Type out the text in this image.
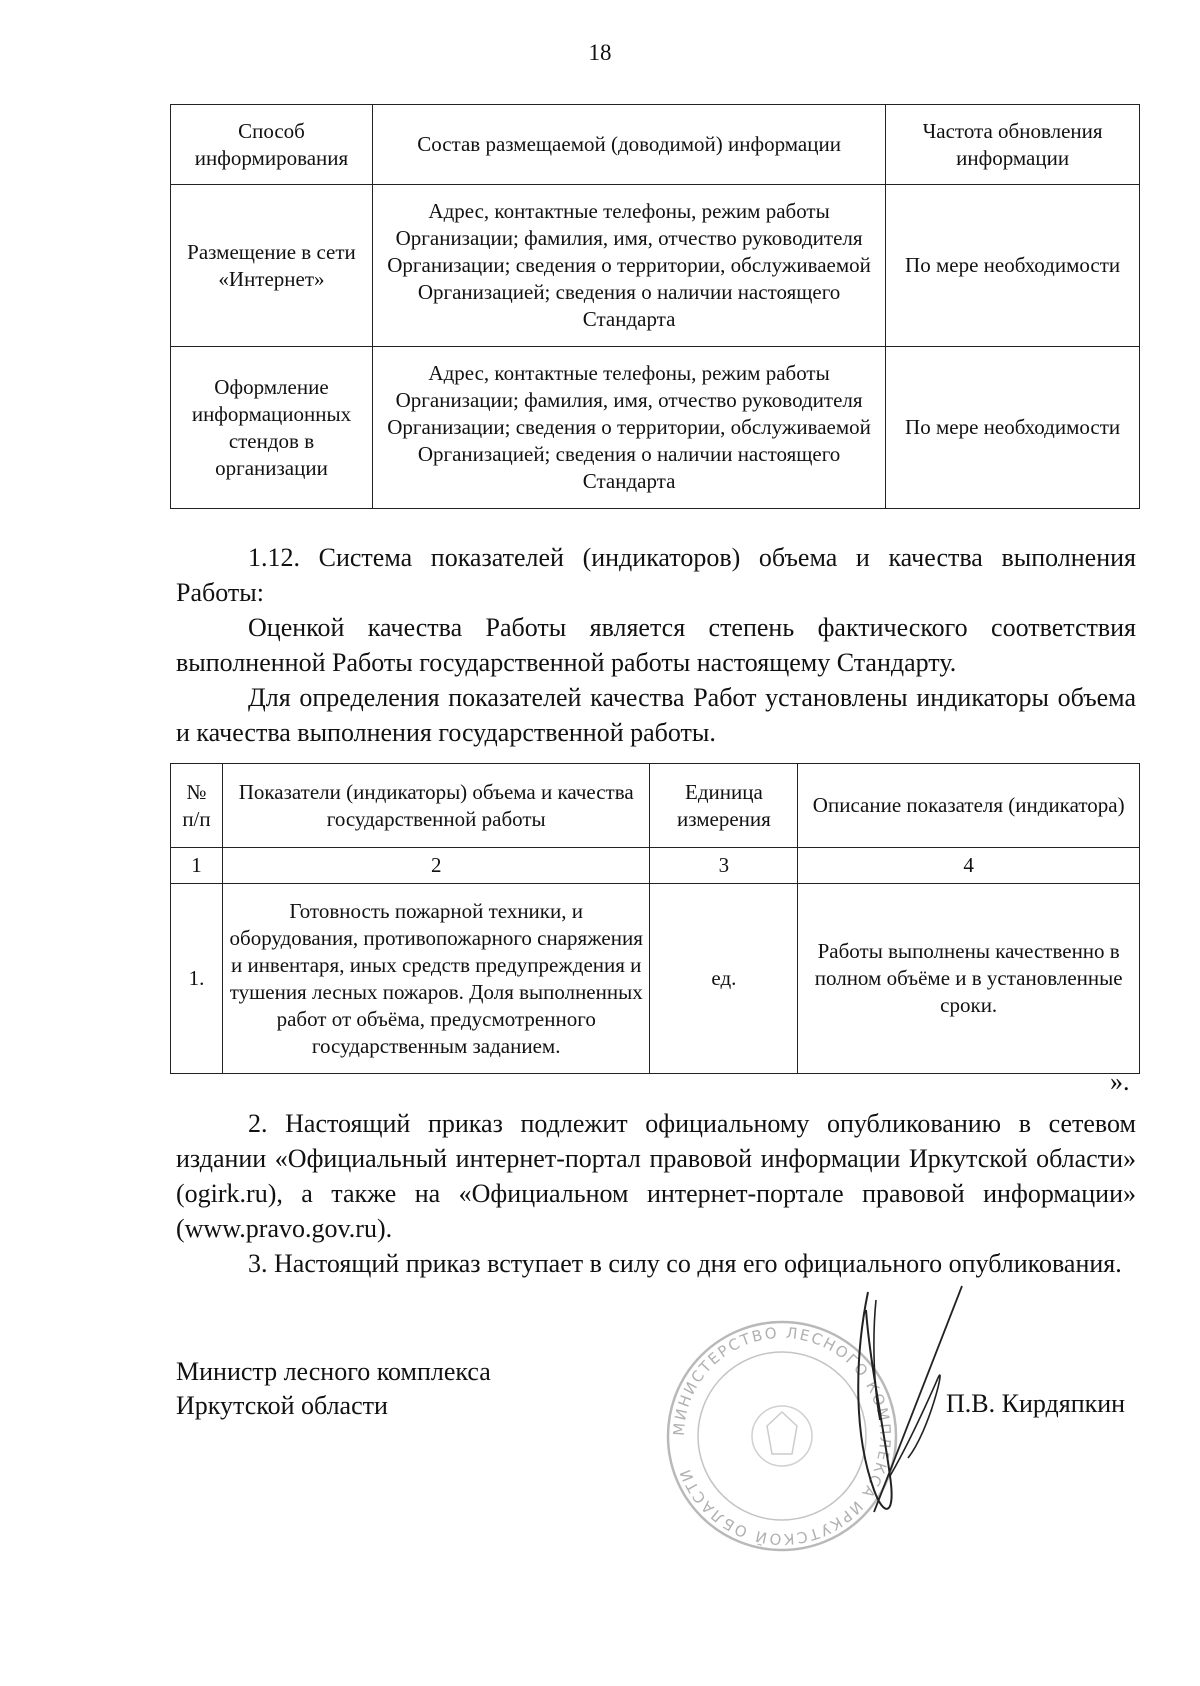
18
Способ информирования	Состав размещаемой (доводимой) информации	Частота обновления информации
Размещение в сети «Интернет»	Адрес, контактные телефоны, режим работы Организации; фамилия, имя, отчество руководителя Организации; сведения о территории, обслуживаемой Организацией; сведения о наличии настоящего Стандарта	По мере необходимости
Оформление информационных стендов в организации	Адрес, контактные телефоны, режим работы Организации; фамилия, имя, отчество руководителя Организации; сведения о территории, обслуживаемой Организацией; сведения о наличии настоящего Стандарта	По мере необходимости

1.12. Система показателей (индикаторов) объема и качества выполнения Работы:

Оценкой качества Работы является степень фактического соответствия выполненной Работы государственной работы настоящему Стандарту.

Для определения показателей качества Работ установлены индикаторы объема и качества выполнения государственной работы.

№ п/п	Показатели (индикаторы) объема и качества государственной работы	Единица измерения	Описание показателя (индикатора)
1	2	3	4
1.	Готовность пожарной техники, и оборудования, противопожарного снаряжения и инвентаря, иных средств предупреждения и тушения лесных пожаров. Доля выполненных работ от объёма, предусмотренного государственным заданием.	ед.	Работы выполнены качественно в полном объёме и в установленные сроки.
».

2. Настоящий приказ подлежит официальному опубликованию в сетевом издании «Официальный интернет-портал правовой информации Иркутской области» (ogirk.ru), а также на «Официальном интернет-портале правовой информации» (www.pravo.gov.ru).

3. Настоящий приказ вступает в силу со дня его официального опубликования.

МИНИСТЕРСТВО ЛЕСНОГО КОМПЛЕКСА ИРКУТСКОЙ ОБЛАСТИ
Министр лесного комплекса
Иркутской области	П.В. Кирдяпкин
